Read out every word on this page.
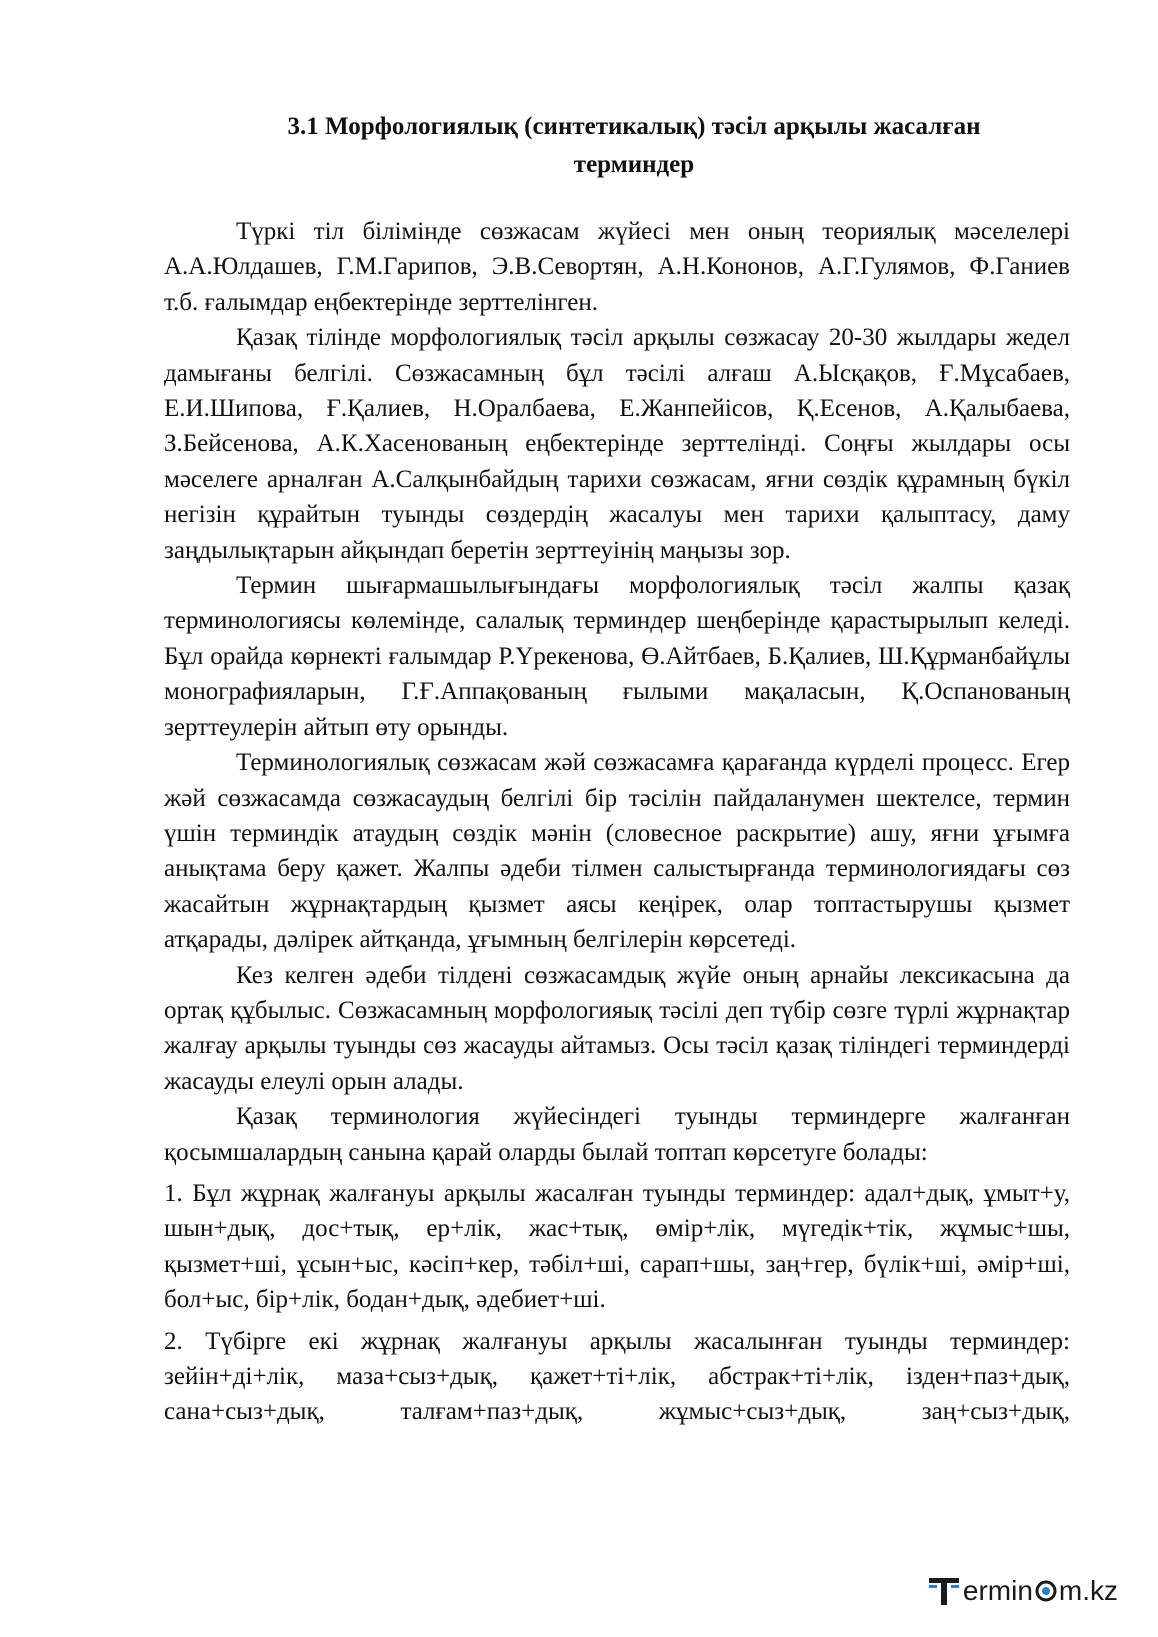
3.1 Морфологиялық (синтетикалық) тәсіл арқылы жасалған
терминдер

Түркі тіл білімінде сөзжасам жүйесі мен оның теориялық мәселелері А.А.Юлдашев, Г.М.Гарипов, Э.В.Севортян, А.Н.Кононов, А.Г.Гулямов, Ф.Ганиев т.б. ғалымдар еңбектерінде зерттелінген.

Қазақ тілінде морфологиялық тәсіл арқылы сөзжасау 20-30 жылдары жедел дамығаны белгілі. Сөзжасамның бұл тәсілі алғаш А.Ысқақов, Ғ.Мұсабаев, Е.И.Шипова, Ғ.Қалиев, Н.Оралбаева, Е.Жанпейісов, Қ.Есенов, А.Қалыбаева, З.Бейсенова, А.К.Хасенованың еңбектерінде зерттелінді. Соңғы жылдары осы мәселеге арналған А.Салқынбайдың тарихи сөзжасам, яғни сөздік құрамның бүкіл негізін құрайтын туынды сөздердің жасалуы мен тарихи қалыптасу, даму заңдылықтарын айқындап беретін зерттеуінің маңызы зор.

Термин шығармашылығындағы морфологиялық тәсіл жалпы қазақ терминологиясы көлемінде, салалық терминдер шеңберінде қарастырылып келеді. Бұл орайда көрнекті ғалымдар Р.Үрекенова, Ө.Айтбаев, Б.Қалиев, Ш.Құрманбайұлы монографияларын, Г.Ғ.Аппақованың ғылыми мақаласын, Қ.Оспанованың зерттеулерін айтып өту орынды.

Терминологиялық сөзжасам жәй сөзжасамға қарағанда күрделі процесс. Егер жәй сөзжасамда сөзжасаудың белгілі бір тәсілін пайдаланумен шектелсе, термин үшін терминдік атаудың сөздік мәнін (словесное раскрытие) ашу, яғни ұғымға анықтама беру қажет. Жалпы әдеби тілмен салыстырғанда терминологиядағы сөз жасайтын жұрнақтардың қызмет аясы кеңірек, олар топтастырушы қызмет атқарады, дәлірек айтқанда, ұғымның белгілерін көрсетеді.

Кез келген әдеби тілдені сөзжасамдық жүйе оның арнайы лексикасына да ортақ құбылыс. Сөзжасамның морфологияық тәсілі деп түбір сөзге түрлі жұрнақтар жалғау арқылы туынды сөз жасауды айтамыз. Осы тәсіл қазақ тіліндегі терминдерді жасауды елеулі орын алады.

Қазақ терминология жүйесіндегі туынды терминдерге жалғанған қосымшалардың санына қарай оларды былай топтап көрсетуге болады:

1. Бұл жұрнақ жалғануы арқылы жасалған туынды терминдер: адал+дық, ұмыт+у, шын+дық, дос+тық, ер+лік, жас+тық, өмір+лік, мүгедік+тік, жұмыс+шы, қызмет+ші, ұсын+ыс, кәсіп+кер, тәбіл+ші, сарап+шы, заң+гер, бүлік+ші, әмір+ші, бол+ыс, бір+лік, бодан+дық, әдебиет+ші.

2. Түбірге екі жұрнақ жалғануы арқылы жасалынған туынды терминдер: зейін+ді+лік, маза+сыз+дық, қажет+ті+лік, абстрак+ті+лік, ізден+паз+дық, сана+сыз+дық, талғам+паз+дық, жұмыс+сыз+дық, заң+сыз+дық,

ermin m.kz
